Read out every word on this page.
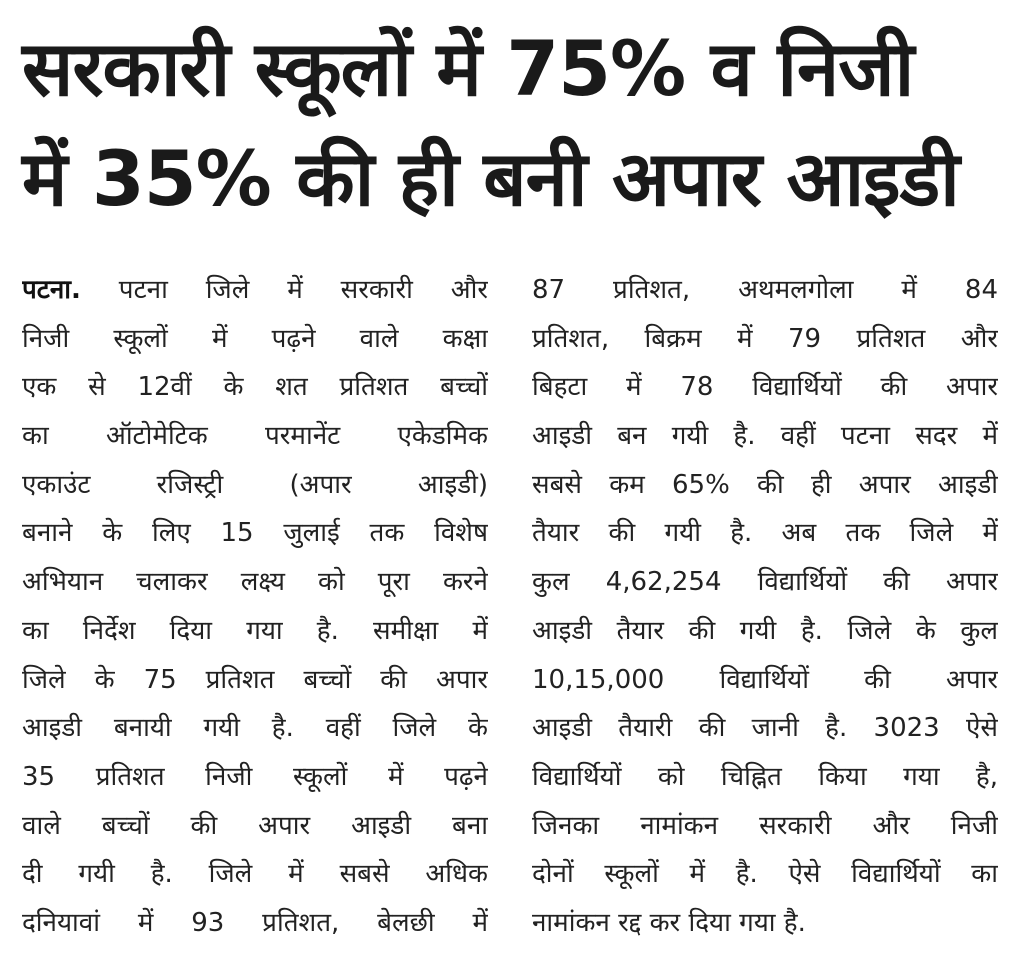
सरकारी स्कूलों में 75% व निजी
में 35% की ही बनी अपार आइडी
पटना. पटना जिले में सरकारी और
निजी स्कूलों में पढ़ने वाले कक्षा
एक से 12वीं के शत प्रतिशत बच्चों
का ऑटोमेटिक परमानेंट एकेडमिक
एकाउंट रजिस्ट्री (अपार आइडी)
बनाने के लिए 15 जुलाई तक विशेष
अभियान चलाकर लक्ष्य को पूरा करने
का निर्देश दिया गया है. समीक्षा में
जिले के 75 प्रतिशत बच्चों की अपार
आइडी बनायी गयी है. वहीं जिले के
35 प्रतिशत निजी स्कूलों में पढ़ने
वाले बच्चों की अपार आइडी बना
दी गयी है. जिले में सबसे अधिक
दनियावां में 93 प्रतिशत, बेलछी में
87 प्रतिशत, अथमलगोला में 84
प्रतिशत, बिक्रम में 79 प्रतिशत और
बिहटा में 78 विद्यार्थियों की अपार
आइडी बन गयी है. वहीं पटना सदर में
सबसे कम 65% की ही अपार आइडी
तैयार की गयी है. अब तक जिले में
कुल 4,62,254 विद्यार्थियों की अपार
आइडी तैयार की गयी है. जिले के कुल
10,15,000 विद्यार्थियों की अपार
आइडी तैयारी की जानी है. 3023 ऐसे
विद्यार्थियों को चिह्नित किया गया है,
जिनका नामांकन सरकारी और निजी
दोनों स्कूलों में है. ऐसे विद्यार्थियों का
नामांकन रद्द कर दिया गया है.
